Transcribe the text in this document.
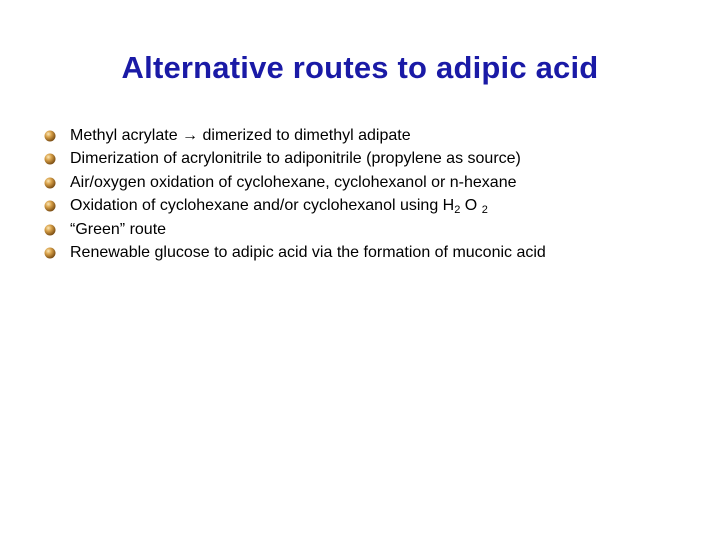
Alternative routes to adipic acid
Methyl acrylate → dimerized to dimethyl adipate
Dimerization of acrylonitrile to adiponitrile (propylene as source)
Air/oxygen oxidation of cyclohexane, cyclohexanol or n-hexane
Oxidation of cyclohexane and/or cyclohexanol using $H_2$ O $_2$
“Green” route
Renewable glucose to adipic acid via the formation of muconic acid
